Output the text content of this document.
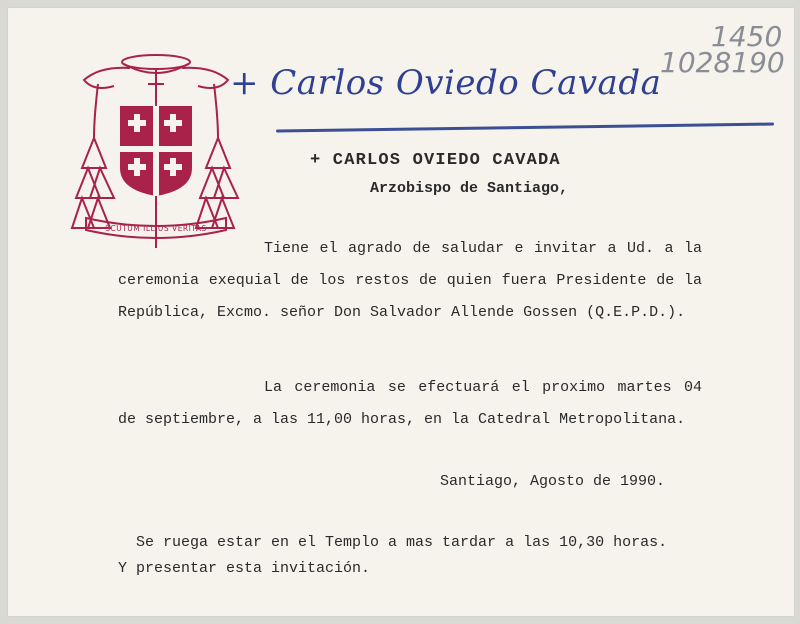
SCUTUM ILLIUS VERITAS
+ Carlos Oviedo Cavada
1450
1028190
+ CARLOS OVIEDO CAVADA
Arzobispo de Santiago,
Tiene el agrado de saludar e invitar a Ud. a la ceremonia exequial de los restos de quien fuera Presidente de la República, Excmo. señor Don Salvador Allende Gossen (Q.E.P.D.).
La ceremonia se efectuará el proximo martes 04 de septiembre, a las 11,00 horas, en la Catedral Metropolitana.
Santiago, Agosto de 1990.
Se ruega estar en el Templo a mas tardar a las 10,30 horas.
Y presentar esta invitación.
